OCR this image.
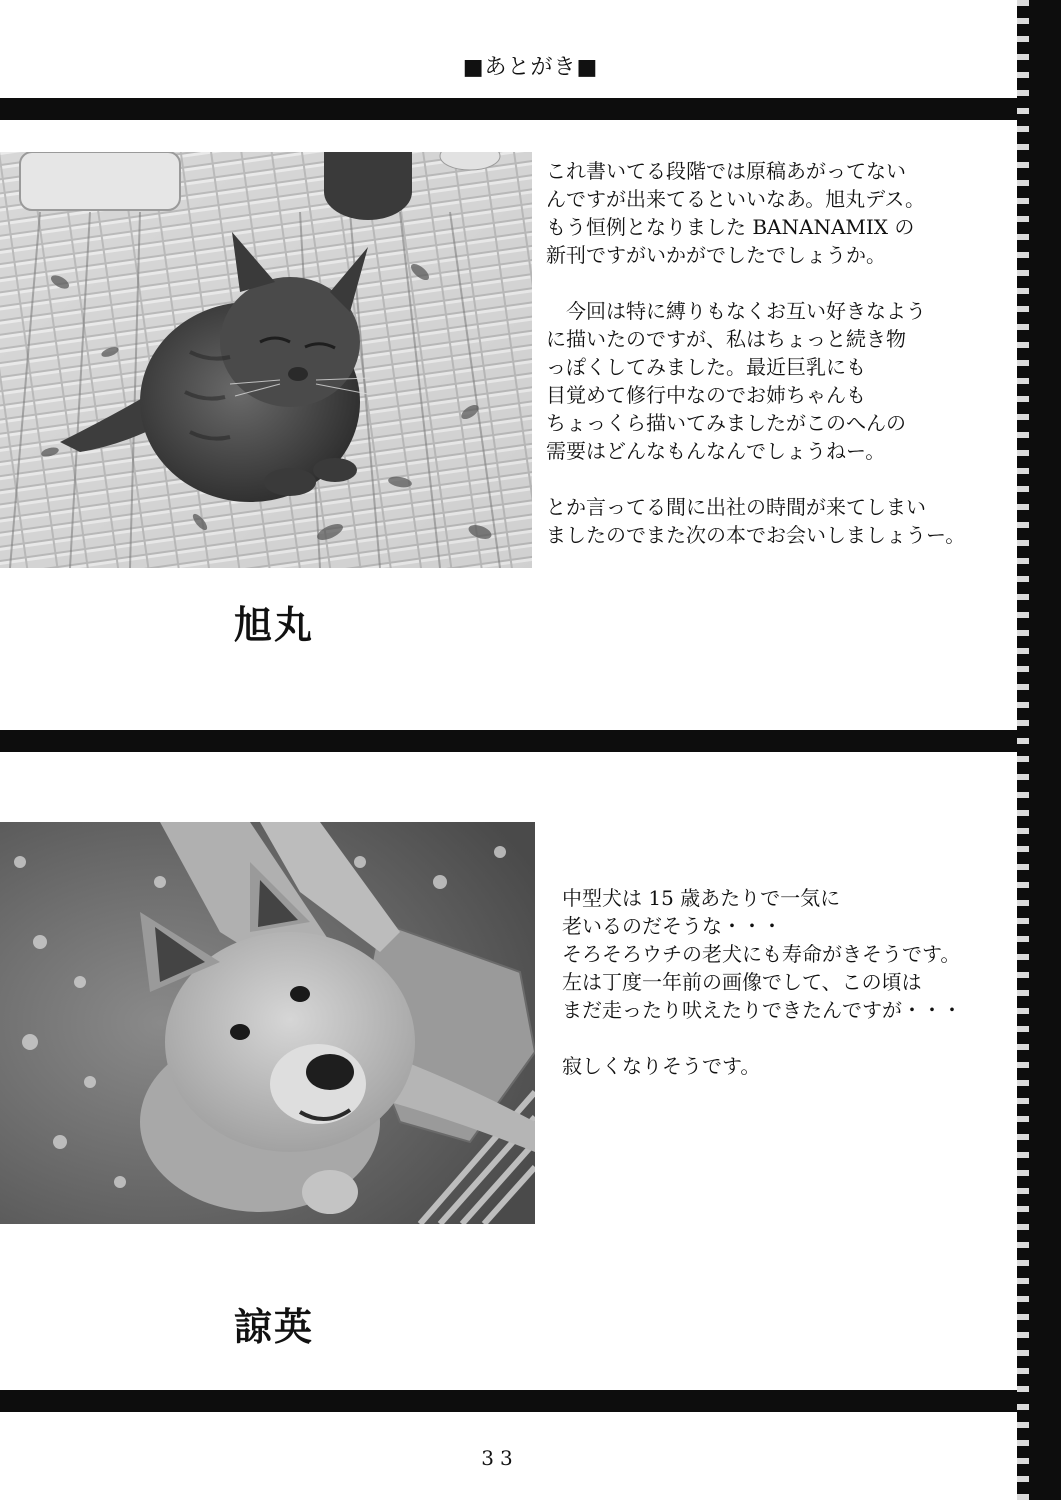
■あとがき■

これ書いてる段階では原稿あがってない

んですが出来てるといいなあ。旭丸デス。

もう恒例となりました BANANAMIX の

新刊ですがいかがでしたでしょうか。

　今回は特に縛りもなくお互い好きなよう

に描いたのですが、私はちょっと続き物

っぽくしてみました。最近巨乳にも

目覚めて修行中なのでお姉ちゃんも

ちょっくら描いてみましたがこのへんの

需要はどんなもんなんでしょうねー。

とか言ってる間に出社の時間が来てしまい

ましたのでまた次の本でお会いしましょうー。

旭丸

中型犬は 15 歳あたりで一気に

老いるのだそうな・・・

そろそろウチの老犬にも寿命がきそうです。

左は丁度一年前の画像でして、この頃は

まだ走ったり吠えたりできたんですが・・・

寂しくなりそうです。

諒英
33
